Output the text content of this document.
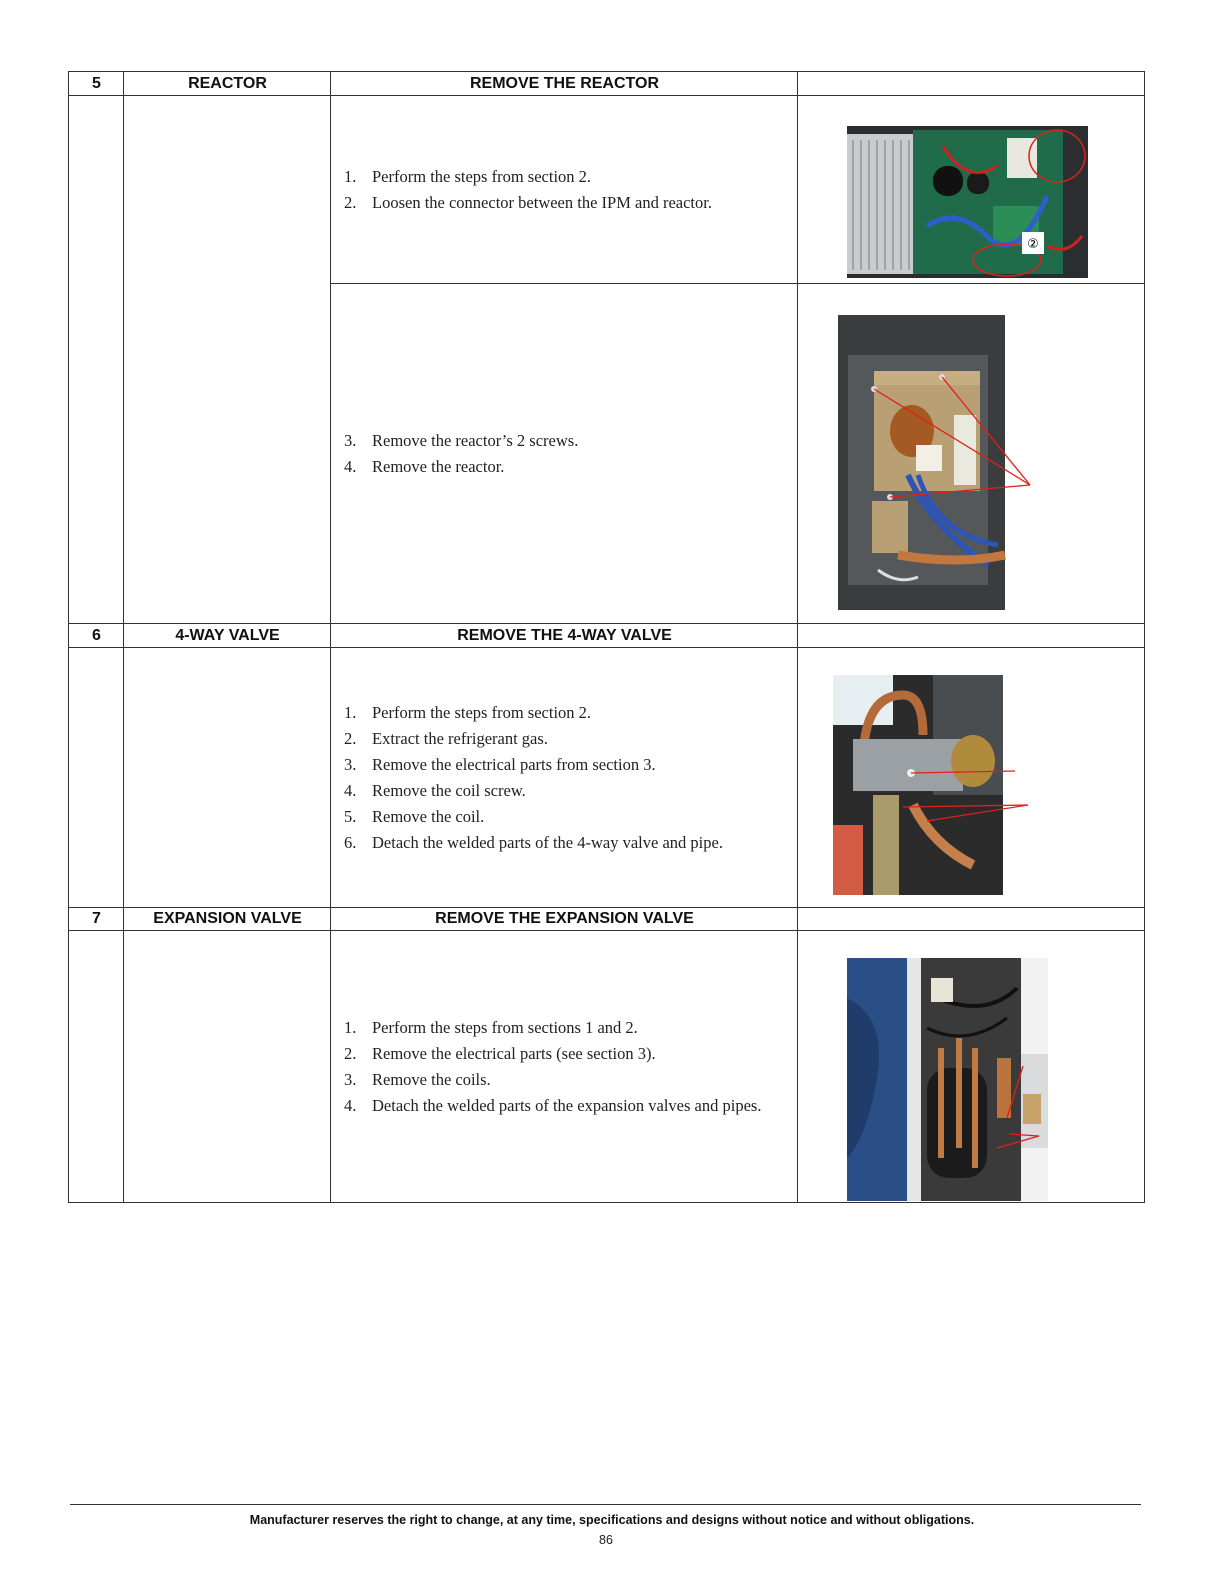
5	REACTOR	REMOVE THE REACTOR
1. Perform the steps from section 2.
2. Loosen the connector between the IPM and reactor.
②
3. Remove the reactor’s 2 screws.
4. Remove the reactor.
6	4-WAY VALVE	REMOVE THE 4-WAY VALVE
1. Perform the steps from section 2.
2. Extract the refrigerant gas.
3. Remove the electrical parts from section 3.
4. Remove the coil screw.
5. Remove the coil.
6. Detach the welded parts of the 4-way valve and pipe.
7	EXPANSION VALVE	REMOVE THE EXPANSION VALVE
1. Perform the steps from sections 1 and 2.
2. Remove the electrical parts (see section 3).
3. Remove the coils.
4. Detach the welded parts of the expansion valves and pipes.
Manufacturer reserves the right to change, at any time, specifications and designs without notice and without obligations.
86
